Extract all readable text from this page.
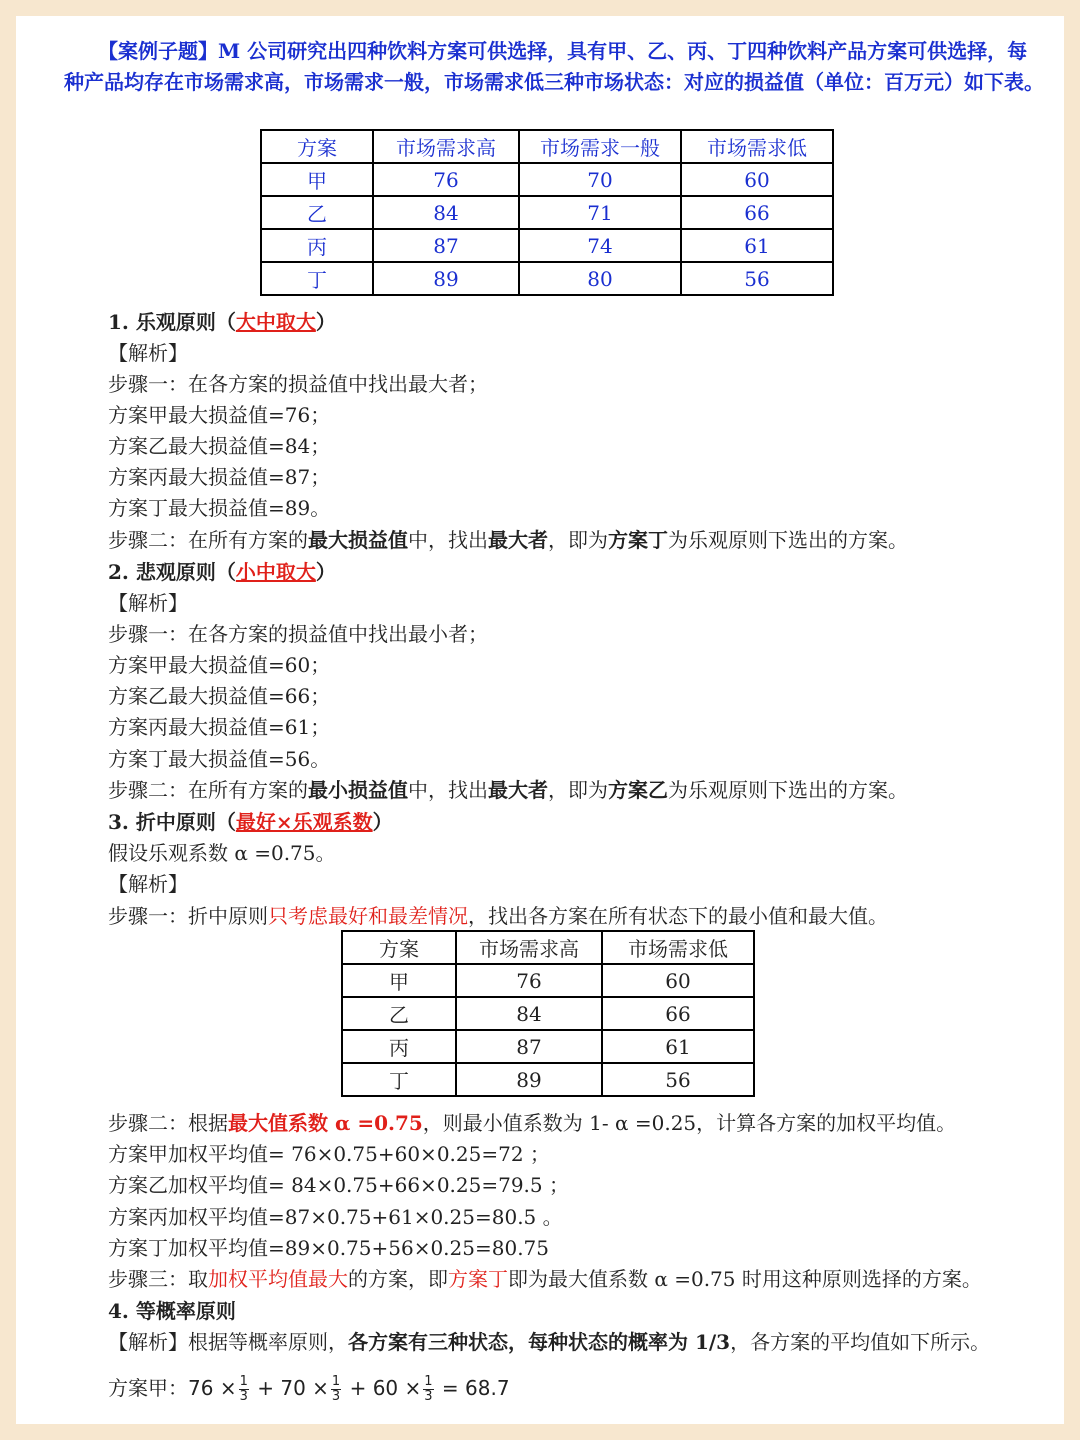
【案例子题】M 公司研究出四种饮料方案可供选择，具有甲、乙、丙、丁四种饮料产品方案可供选择，每种产品均存在市场需求高，市场需求一般，市场需求低三种市场状态：对应的损益值（单位：百万元）如下表。

方案	市场需求高	市场需求一般	市场需求低
甲	76	70	60
乙	84	71	66
丙	87	74	61
丁	89	80	56
1. 乐观原则（大中取大）
【解析】
步骤一：在各方案的损益值中找出最大者；
方案甲最大损益值=76；
方案乙最大损益值=84；
方案丙最大损益值=87；
方案丁最大损益值=89。
步骤二：在所有方案的最大损益值中，找出最大者，即为方案丁为乐观原则下选出的方案。
2. 悲观原则（小中取大）
【解析】
步骤一：在各方案的损益值中找出最小者；
方案甲最大损益值=60；
方案乙最大损益值=66；
方案丙最大损益值=61；
方案丁最大损益值=56。
步骤二：在所有方案的最小损益值中，找出最大者，即为方案乙为乐观原则下选出的方案。
3. 折中原则（最好×乐观系数）
假设乐观系数 α =0.75。
【解析】
步骤一：折中原则只考虑最好和最差情况，找出各方案在所有状态下的最小值和最大值。
方案	市场需求高	市场需求低
甲	76	60
乙	84	66
丙	87	61
丁	89	56
步骤二：根据最大值系数 α =0.75，则最小值系数为 1- α =0.25，计算各方案的加权平均值。
方案甲加权平均值= 76×0.75+60×0.25=72 ；
方案乙加权平均值= 84×0.75+66×0.25=79.5 ；
方案丙加权平均值=87×0.75+61×0.25=80.5 。
方案丁加权平均值=89×0.75+56×0.25=80.75
步骤三：取加权平均值最大的方案，即方案丁即为最大值系数 α =0.75 时用这种原则选择的方案。
4. 等概率原则
【解析】根据等概率原则，各方案有三种状态，每种状态的概率为 1/3，各方案的平均值如下所示。
方案甲：$76 \times \frac{1}{3} + 70 \times \frac{1}{3} + 60 \times \frac{1}{3} = 68.7$
